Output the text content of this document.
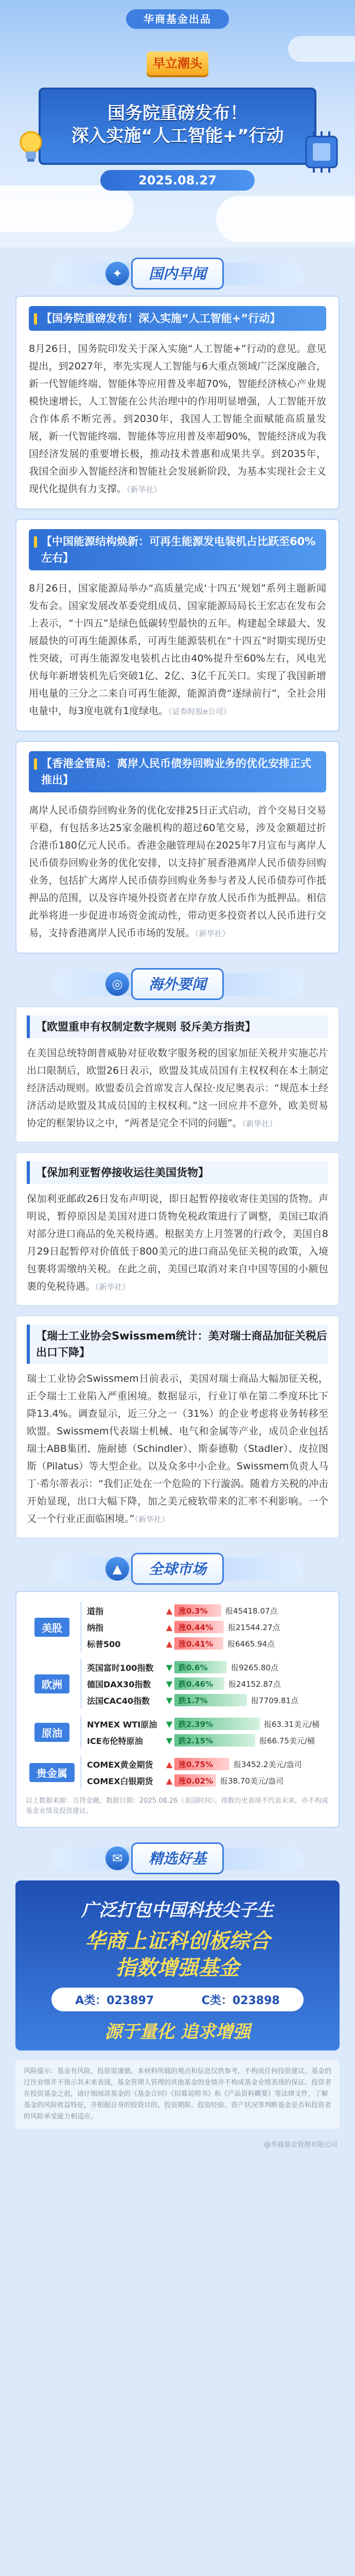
华商基金出品
早立潮头
国务院重磅发布！
深入实施“人工智能+”行动
2025.08.27
✦	国内早闻
【国务院重磅发布！深入实施“人工智能+”行动】
8月26日，国务院印发关于深入实施“人工智能+”行动的意见。意见提出，到2027年，率先实现人工智能与6大重点领域广泛深度融合，新一代智能终端、智能体等应用普及率超70%，智能经济核心产业规模快速增长，人工智能在公共治理中的作用明显增强，人工智能开放合作体系不断完善。到2030年，我国人工智能全面赋能高质量发展，新一代智能终端、智能体等应用普及率超90%，智能经济成为我国经济发展的重要增长极，推动技术普惠和成果共享。到2035年，我国全面步入智能经济和智能社会发展新阶段，为基本实现社会主义现代化提供有力支撑。（新华社）
【中国能源结构焕新：可再生能源发电装机占比跃至60%左右】
8月26日，国家能源局举办“高质量完成‘十四五’规划”系列主题新闻发布会。国家发展改革委党组成员、国家能源局局长王宏志在发布会上表示，“十四五”是绿色低碳转型最快的五年。构建起全球最大、发展最快的可再生能源体系，可再生能源装机在“十四五”时期实现历史性突破，可再生能源发电装机占比由40%提升至60%左右，风电光伏每年新增装机先后突破1亿、2亿、3亿千瓦关口。实现了我国新增用电量的三分之二来自可再生能源，能源消费“逐绿前行”，全社会用电量中，每3度电就有1度绿电。（证券时报e公司）
【香港金管局：离岸人民币债券回购业务的优化安排正式推出】
离岸人民币债券回购业务的优化安排25日正式启动，首个交易日交易平稳，有包括多达25家金融机构的超过60笔交易，涉及金额超过折合港币180亿元人民币。香港金融管理局在2025年7月宣布与离岸人民币债券回购业务的优化安排，以支持扩展香港离岸人民币债券回购业务，包括扩大离岸人民币债券回购业务参与者及人民币债券可作抵押品的范围，以及容许境外投资者在岸存放人民币作为抵押品。相信此举将进一步促进市场资金流动性，带动更多投资者以人民币进行交易，支持香港离岸人民币市场的发展。（新华社）
◎	海外要闻
【欧盟重申有权制定数字规则 驳斥美方指责】
在美国总统特朗普威胁对征收数字服务税的国家加征关税并实施芯片出口限制后，欧盟26日表示，欧盟及其成员国有主权权利在本土制定经济活动规则。欧盟委员会首席发言人保拉·皮尼奥表示：“规范本土经济活动是欧盟及其成员国的主权权利。”这一回应并不意外，欧美贸易协定的框架协议之中，“两者是完全不同的问题”。（新华社）
【保加利亚暂停接收运往美国货物】
保加利亚邮政26日发布声明说，即日起暂停接收寄往美国的货物。声明说，暂停原因是美国对进口货物免税政策进行了调整，美国已取消对部分进口商品的免关税待遇。根据美方上月签署的行政令，美国自8月29日起暂停对价值低于800美元的进口商品免征关税的政策，入境包裹将需缴纳关税。在此之前，美国已取消对来自中国等国的小额包裹的免税待遇。（新华社）
【瑞士工业协会Swissmem统计：美对瑞士商品加征关税后出口下降】
瑞士工业协会Swissmem日前表示，美国对瑞士商品大幅加征关税，正令瑞士工业陷入严重困境。数据显示，行业订单在第二季度环比下降13.4%。调查显示，近三分之一（31%）的企业考虑将业务转移至欧盟。Swissmem代表瑞士机械、电气和金属等产业，成员企业包括瑞士ABB集团、施耐德（Schindler）、斯泰德勒（Stadler）、皮拉图斯（Pilatus）等大型企业。以及众多中小企业。Swissmem负责人马丁·希尔蒂表示：“我们正处在一个危险的下行漩涡。随着方关税的冲击开始显现，出口大幅下降，加之美元疲软带来的汇率不利影响。一个又一个行业正面临困境。”（新华社）
▲	全球市场
美股
道指	▲ 涨0.3%	报45418.07点
纳指	▲ 涨0.44%	报21544.27点
标普500	▲ 涨0.41%	报6465.94点
欧洲
英国富时100指数	▼ 跌0.6%	报9265.80点
德国DAX30指数	▼ 跌0.46%	报24152.87点
法国CAC40指数	▼ 跌1.7%	报7709.81点
原油
NYMEX WTI原油	▼ 跌2.39%	报63.31美元/桶
ICE布伦特原油	▼ 跌2.15%	报66.75美元/桶
贵金属
COMEX黄金期货	▲ 涨0.75%	报3452.2美元/盎司
COMEX白银期货	▲ 涨0.02% 报38.70美元/盎司
以上数据来源：万得金融，数据日期：2025.08.26（美国时间）。指数历史表现不代表未来，亦不构成基金业绩及投资建议。
✉	精选好基
广泛打包中国科技尖子生
华商上证科创板综合
指数增强基金
A类：023897	C类：023898
源于量化 追求增强
风险提示：基金有风险，投资需谨慎。本材料所载的观点和信息仅供参考，不构成任何投资建议。基金的过往业绩并不预示其未来表现，基金管理人管理的其他基金的业绩并不构成基金业绩表现的保证。投资者在投资基金之前，请仔细阅读基金的《基金合同》《招募说明书》和《产品资料概要》等法律文件，了解基金的风险收益特征，并根据自身的投资目的、投资期限、投资经验、资产状况等判断基金是否和投资者的风险承受能力相适应。
@华商基金管理有限公司
